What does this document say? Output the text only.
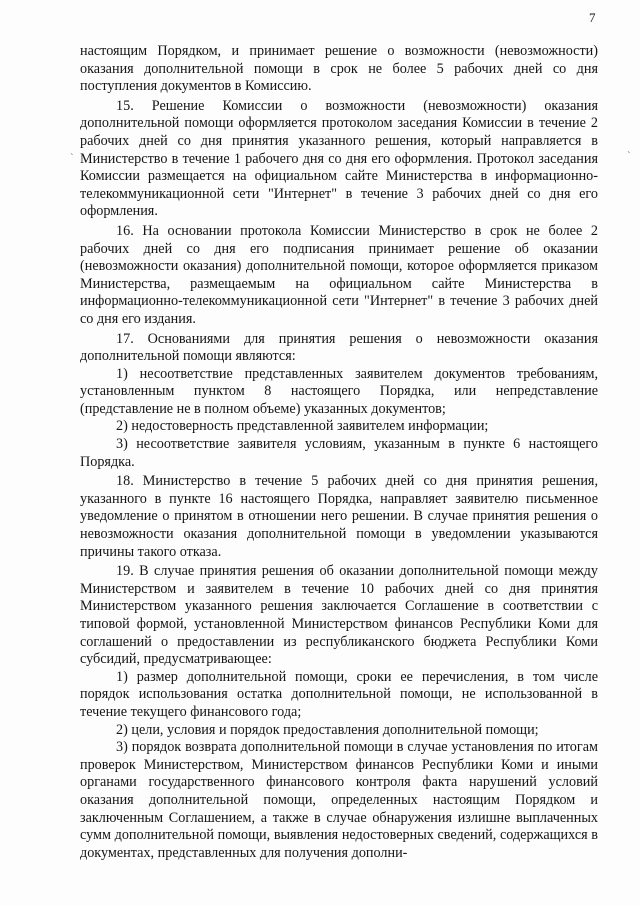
7
`	`

настоящим Порядком, и принимает решение о возможности (невозможности) оказания дополнительной помощи в срок не более 5 рабочих дней со дня поступления документов в Комиссию.

15. Решение Комиссии о возможности (невозможности) оказания дополнительной помощи оформляется протоколом заседания Комиссии в течение 2 рабочих дней со дня принятия указанного решения, который направляется в Министерство в течение 1 рабочего дня со дня его оформления. Протокол заседания Комиссии размещается на официальном сайте Министерства в информационно-телекоммуникационной сети "Интернет" в течение 3 рабочих дней со дня его оформления.

16. На основании протокола Комиссии Министерство в срок не более 2 рабочих дней со дня его подписания принимает решение об оказании (невозможности оказания) дополнительной помощи, которое оформляется приказом Министерства, размещаемым на официальном сайте Министерства в информационно-телекоммуникационной сети "Интернет" в течение 3 рабочих дней со дня его издания.

17. Основаниями для принятия решения о невозможности оказания дополнительной помощи являются:

1) несоответствие представленных заявителем документов требованиям, установленным пунктом 8 настоящего Порядка, или непредставление (представление не в полном объеме) указанных документов;

2) недостоверность представленной заявителем информации;

3) несоответствие заявителя условиям, указанным в пункте 6 настоящего Порядка.

18. Министерство в течение 5 рабочих дней со дня принятия решения, указанного в пункте 16 настоящего Порядка, направляет заявителю письменное уведомление о принятом в отношении него решении. В случае принятия решения о невозможности оказания дополнительной помощи в уведомлении указываются причины такого отказа.

19. В случае принятия решения об оказании дополнительной помощи между Министерством и заявителем в течение 10 рабочих дней со дня принятия Министерством указанного решения заключается Соглашение в соответствии с типовой формой, установленной Министерством финансов Республики Коми для соглашений о предоставлении из республиканского бюджета Республики Коми субсидий, предусматривающее:

1) размер дополнительной помощи, сроки ее перечисления, в том числе порядок использования остатка дополнительной помощи, не использованной в течение текущего финансового года;

2) цели, условия и порядок предоставления дополнительной помощи;

3) порядок возврата дополнительной помощи в случае установления по итогам проверок Министерством, Министерством финансов Республики Коми и иными органами государственного финансового контроля факта нарушений условий оказания дополнительной помощи, определенных настоящим Порядком и заключенным Соглашением, а также в случае обнаружения излишне выплаченных сумм дополнительной помощи, выявления недостоверных сведений, содержащихся в документах, представленных для получения дополни-
